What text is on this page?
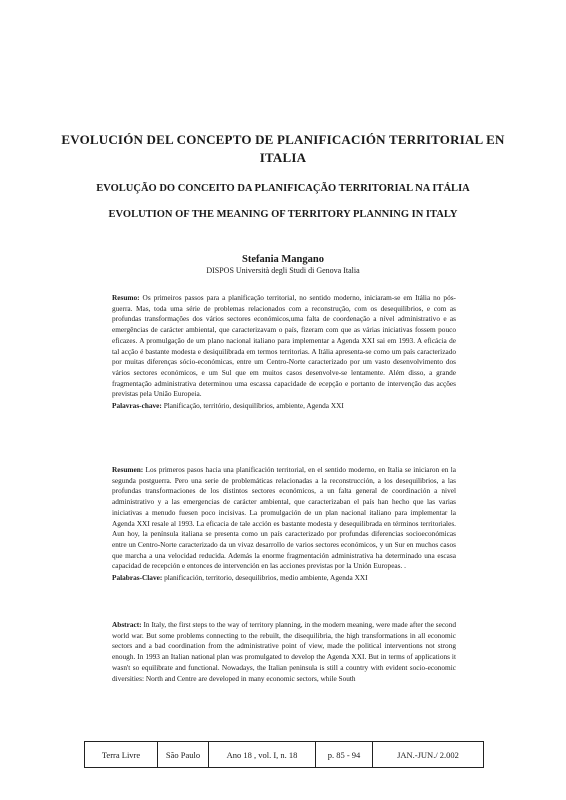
EVOLUCIÓN DEL CONCEPTO DE PLANIFICACIÓN TERRITORIAL EN ITALIA
EVOLUÇÃO DO CONCEITO DA PLANIFICAÇÃO TERRITORIAL NA ITÁLIA
EVOLUTION OF THE MEANING OF TERRITORY PLANNING IN ITALY
Stefania Mangano
DISPOS Università degli Studi di Genova Italia
Resumo: Os primeiros passos para a planificação territorial, no sentido moderno, iniciaram-se em Itália no pós-guerra. Mas, toda uma série de problemas relacionados com a reconstrução, com os desequilíbrios, e com as profundas transformações dos vários sectores económicos,uma falta de coordenação a nível administrativo e as emergências de carácter ambiental, que caracterizavam o país, fizeram com que as várias iniciativas fossem pouco eficazes. A promulgação de um plano nacional italiano para implementar a Agenda XXI sai em 1993. A eficácia de tal acção é bastante modesta e desiquilibrada em termos territorias. A Itália apresenta-se como um país caracterizado por muitas diferenças sócio-económicas, entre um Centro-Norte caracterizado por um vasto desenvolvimento dos vários sectores económicos, e um Sul que em muitos casos desenvolve-se lentamente. Além disso, a grande fragmentação administrativa determinou uma escassa capacidade de ecepção e portanto de intervenção das acções previstas pela União Europeia.
Palavras-chave: Planificação, território, desiquilíbrios, ambiente, Agenda XXI
Resumen: Los primeros pasos hacia una planificación territorial, en el sentido moderno, en Italia se iniciaron en la segunda postguerra. Pero una serie de problemáticas relacionadas a la reconstrucción, a los desequilibrios, a las profundas transformaciones de los distintos sectores económicos, a un falta general de coordinación a nivel administrativo y a las emergencias de carácter ambiental, que caracterizaban el país han hecho que las varias iniciativas a menudo fuesen poco incisivas. La promulgación de un plan nacional italiano para implementar la Agenda XXI resale al 1993. La eficacia de tale acción es bastante modesta y desequilibrada en términos territoriales. Aun hoy, la península italiana se presenta como un país caracterizado por profundas diferencias socioeconómicas entre un Centro-Norte caracterizado da un vivaz desarrollo de varios sectores económicos, y un Sur en muchos casos que marcha a una velocidad reducida. Además la enorme fragmentación administrativa ha determinado una escasa capacidad de recepción e entonces de intervención en las acciones previstas por la Unión Europeas. .
Palabras-Clave: planificación, territorio, desequilibrios, medio ambiente, Agenda XXI
Abstract: In Italy, the first steps to the way of territory planning, in the modern meaning, were made after the second world war. But some problems connecting to the rebuilt, the disequilibria, the high transformations in all economic sectors and a bad coordination from the administrative point of view, made the political interventions not strong enough. In 1993 an Italian national plan was promulgated to develop the Agenda XXI. But in terms of applications it wasn't so equilibrate and functional. Nowadays, the Italian peninsula is still a country with evident socio-economic diversities: North and Centre are developed in many economic sectors, while South
Terra Livre	São Paulo	Ano 18 , vol. I, n. 18	p. 85 - 94	JAN.-JUN./ 2.002
